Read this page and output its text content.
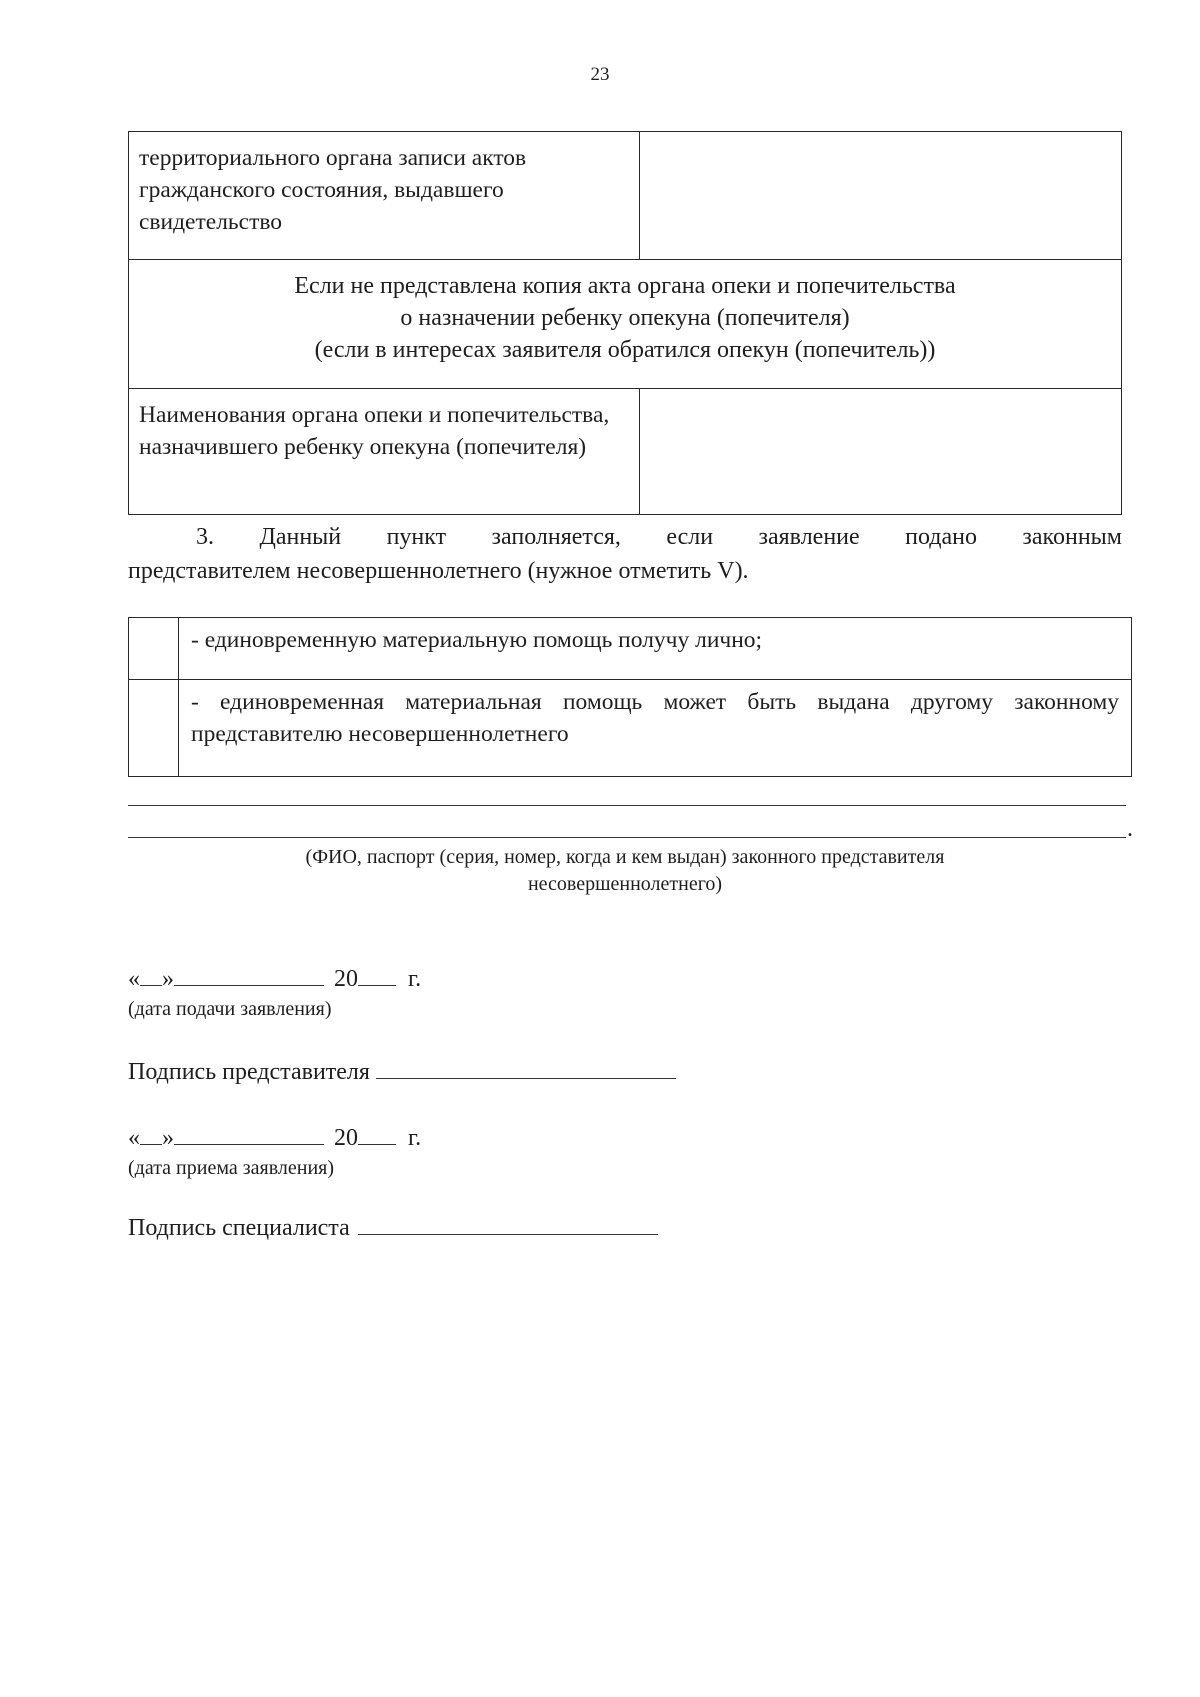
23
территориального органа записи актов гражданского состояния, выдавшего свидетельство	

Если не представлена копия акта органа опеки и попечительства
о назначении ребенку опекуна (попечителя)
(если в интересах заявителя обратился опекун (попечитель))	

Наименования органа опеки и попечительства, назначившего ребенку опекуна (попечителя)	
3. Данный пункт заполняется, если заявление подано законным
представителем несовершеннолетнего (нужное отметить V).
	- единовременную материальную помощь получу лично;
	- единовременная материальная помощь может быть выдана другому законному представителю несовершеннолетнего
.
(ФИО, паспорт (серия, номер, когда и кем выдан) законного представителя
несовершеннолетнего)
« »	20 г.
(дата подачи заявления)
Подпись представителя
« »	20 г.
(дата приема заявления)
Подпись специалиста
